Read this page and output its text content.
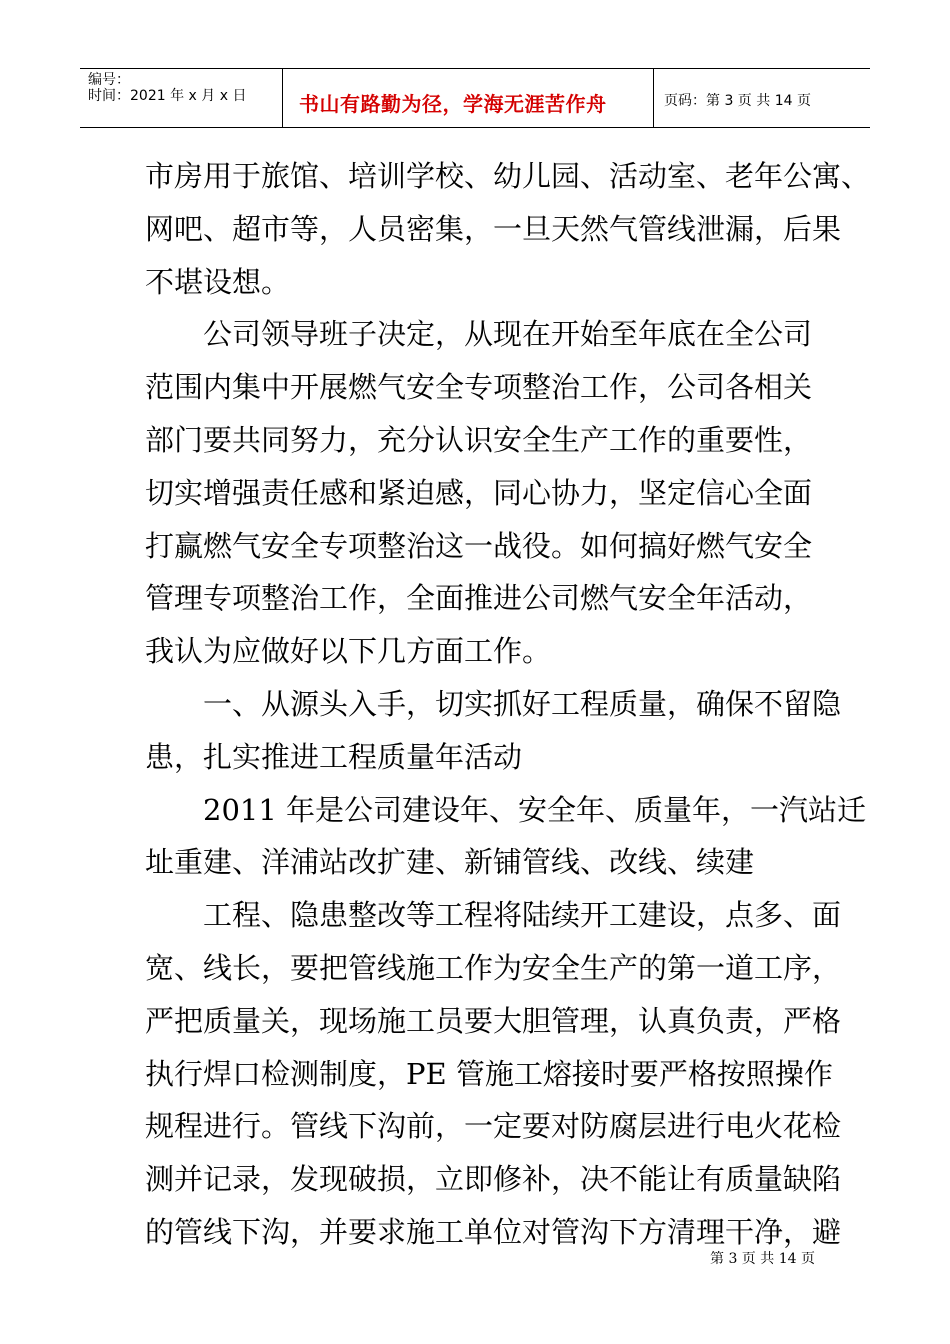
编号：
时间：2021 年 x 月 x 日	书山有路勤为径，学海无涯苦作舟	页码：第 3 页 共 14 页
市房用于旅馆、培训学校、幼儿园、活动室、老年公寓、
网吧、超市等，人员密集，一旦天然气管线泄漏，后果
不堪设想。
公司领导班子决定，从现在开始至年底在全公司
范围内集中开展燃气安全专项整治工作，公司各相关
部门要共同努力，充分认识安全生产工作的重要性，
切实增强责任感和紧迫感，同心协力，坚定信心全面
打赢燃气安全专项整治这一战役。如何搞好燃气安全
管理专项整治工作，全面推进公司燃气安全年活动，
我认为应做好以下几方面工作。
一、从源头入手，切实抓好工程质量，确保不留隐
患，扎实推进工程质量年活动
2011 年是公司建设年、安全年、质量年，一汽站迁
址重建、洋浦站改扩建、新铺管线、改线、续建
工程、隐患整改等工程将陆续开工建设，点多、面
宽、线长，要把管线施工作为安全生产的第一道工序，
严把质量关，现场施工员要大胆管理，认真负责，严格
执行焊口检测制度，PE 管施工熔接时要严格按照操作
规程进行。管线下沟前，一定要对防腐层进行电火花检
测并记录，发现破损，立即修补，决不能让有质量缺陷
的管线下沟，并要求施工单位对管沟下方清理干净，避
第 3 页 共 14 页
